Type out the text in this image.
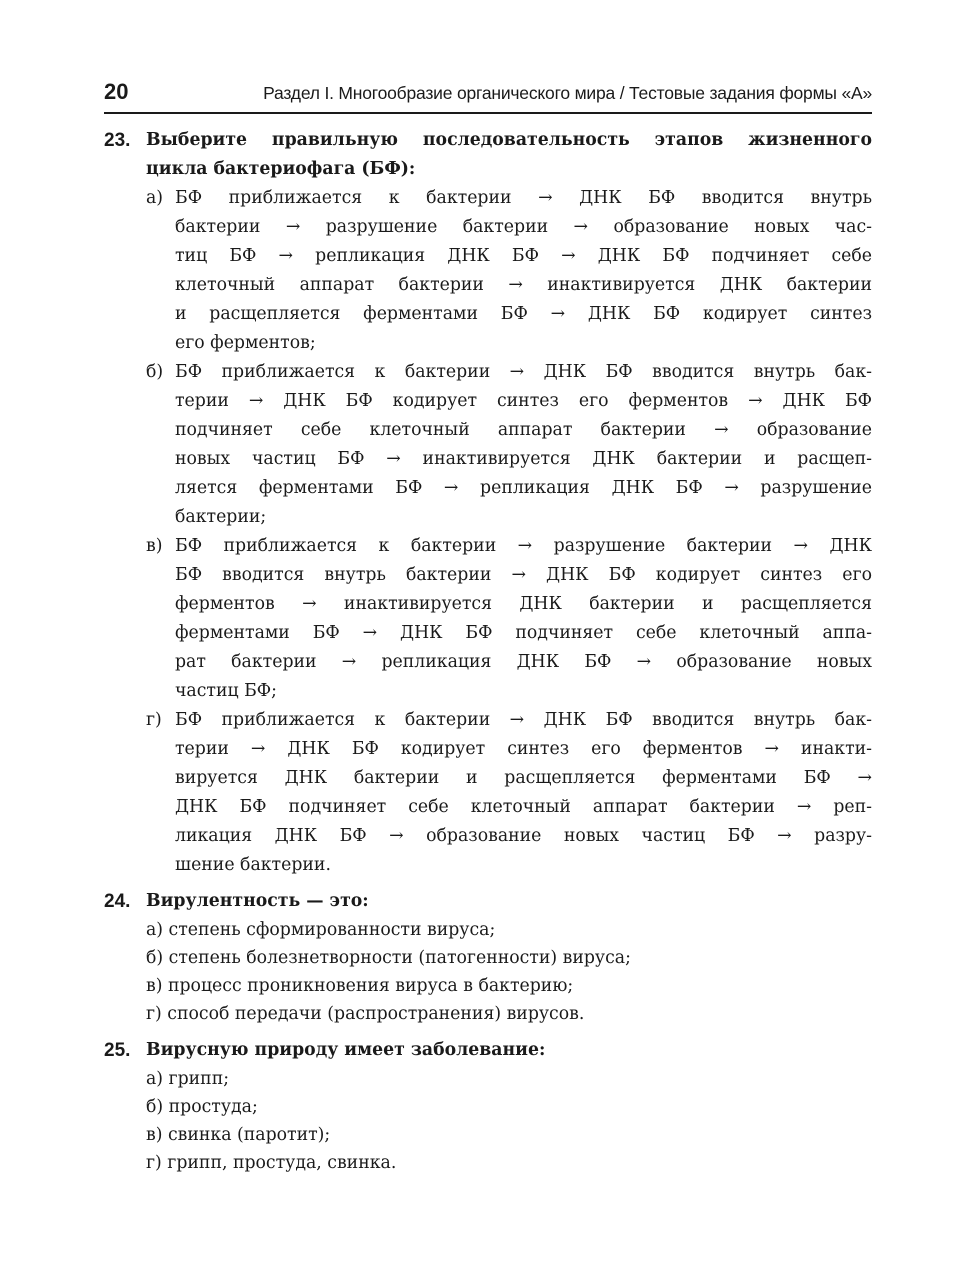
20	Раздел I. Многообразие органического мира / Тестовые задания формы «А»
23. Выберите правильную последовательность этапов жизненного
цикла бактериофага (БФ):
а) БФ приближается к бактерии → ДНК БФ вводится внутрь
бактерии → разрушение бактерии → образование новых час-
тиц БФ → репликация ДНК БФ → ДНК БФ подчиняет себе
клеточный аппарат бактерии → инактивируется ДНК бактерии
и расщепляется ферментами БФ → ДНК БФ кодирует синтез
его ферментов;
б) БФ приближается к бактерии → ДНК БФ вводится внутрь бак-
терии → ДНК БФ кодирует синтез его ферментов → ДНК БФ
подчиняет себе клеточный аппарат бактерии → образование
новых частиц БФ → инактивируется ДНК бактерии и расщеп-
ляется ферментами БФ → репликация ДНК БФ → разрушение
бактерии;
в) БФ приближается к бактерии → разрушение бактерии → ДНК
БФ вводится внутрь бактерии → ДНК БФ кодирует синтез его
ферментов → инактивируется ДНК бактерии и расщепляется
ферментами БФ → ДНК БФ подчиняет себе клеточный аппа-
рат бактерии → репликация ДНК БФ → образование новых
частиц БФ;
г) БФ приближается к бактерии → ДНК БФ вводится внутрь бак-
терии → ДНК БФ кодирует синтез его ферментов → инакти-
вируется ДНК бактерии и расщепляется ферментами БФ →
ДНК БФ подчиняет себе клеточный аппарат бактерии → реп-
ликация ДНК БФ → образование новых частиц БФ → разру-
шение бактерии.
24. Вирулентность — это:
а) степень сформированности вируса;
б) степень болезнетворности (патогенности) вируса;
в) процесс проникновения вируса в бактерию;
г) способ передачи (распространения) вирусов.
25. Вирусную природу имеет заболевание:
а) грипп;
б) простуда;
в) свинка (паротит);
г) грипп, простуда, свинка.
